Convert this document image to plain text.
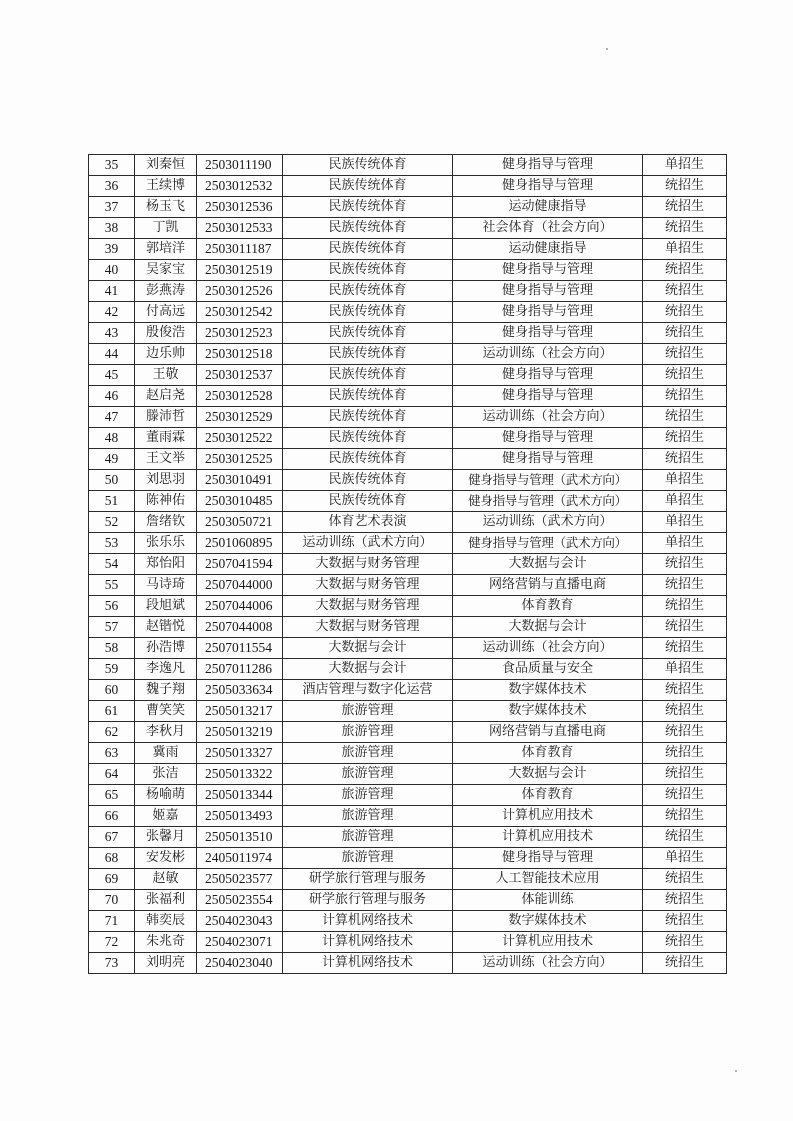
35	刘秦恒	2503011190	民族传统体育	健身指导与管理	单招生
36	王续博	2503012532	民族传统体育	健身指导与管理	统招生
37	杨玉飞	2503012536	民族传统体育	运动健康指导	统招生
38	丁凯	2503012533	民族传统体育	社会体育（社会方向）	统招生
39	郭培洋	2503011187	民族传统体育	运动健康指导	单招生
40	吴家宝	2503012519	民族传统体育	健身指导与管理	统招生
41	彭燕涛	2503012526	民族传统体育	健身指导与管理	统招生
42	付高远	2503012542	民族传统体育	健身指导与管理	统招生
43	殷俊浩	2503012523	民族传统体育	健身指导与管理	统招生
44	边乐帅	2503012518	民族传统体育	运动训练（社会方向）	统招生
45	王敬	2503012537	民族传统体育	健身指导与管理	统招生
46	赵启尧	2503012528	民族传统体育	健身指导与管理	统招生
47	滕沛哲	2503012529	民族传统体育	运动训练（社会方向）	统招生
48	董雨霖	2503012522	民族传统体育	健身指导与管理	统招生
49	王文举	2503012525	民族传统体育	健身指导与管理	统招生
50	刘思羽	2503010491	民族传统体育	健身指导与管理（武术方向）	单招生
51	陈神佑	2503010485	民族传统体育	健身指导与管理（武术方向）	单招生
52	詹绪钦	2503050721	体育艺术表演	运动训练（武术方向）	单招生
53	张乐乐	2501060895	运动训练（武术方向）	健身指导与管理（武术方向）	单招生
54	郑怡阳	2507041594	大数据与财务管理	大数据与会计	统招生
55	马诗琦	2507044000	大数据与财务管理	网络营销与直播电商	统招生
56	段旭斌	2507044006	大数据与财务管理	体育教育	统招生
57	赵锴悦	2507044008	大数据与财务管理	大数据与会计	统招生
58	孙浩博	2507011554	大数据与会计	运动训练（社会方向）	统招生
59	李逸凡	2507011286	大数据与会计	食品质量与安全	单招生
60	魏子翔	2505033634	酒店管理与数字化运营	数字媒体技术	统招生
61	曹笑笑	2505013217	旅游管理	数字媒体技术	统招生
62	李秋月	2505013219	旅游管理	网络营销与直播电商	统招生
63	冀雨	2505013327	旅游管理	体育教育	统招生
64	张洁	2505013322	旅游管理	大数据与会计	统招生
65	杨喻萌	2505013344	旅游管理	体育教育	统招生
66	姬嘉	2505013493	旅游管理	计算机应用技术	统招生
67	张馨月	2505013510	旅游管理	计算机应用技术	统招生
68	安发彬	2405011974	旅游管理	健身指导与管理	单招生
69	赵敏	2505023577	研学旅行管理与服务	人工智能技术应用	统招生
70	张福利	2505023554	研学旅行管理与服务	体能训练	统招生
71	韩奕辰	2504023043	计算机网络技术	数字媒体技术	统招生
72	朱兆奇	2504023071	计算机网络技术	计算机应用技术	统招生
73	刘明亮	2504023040	计算机网络技术	运动训练（社会方向）	统招生
